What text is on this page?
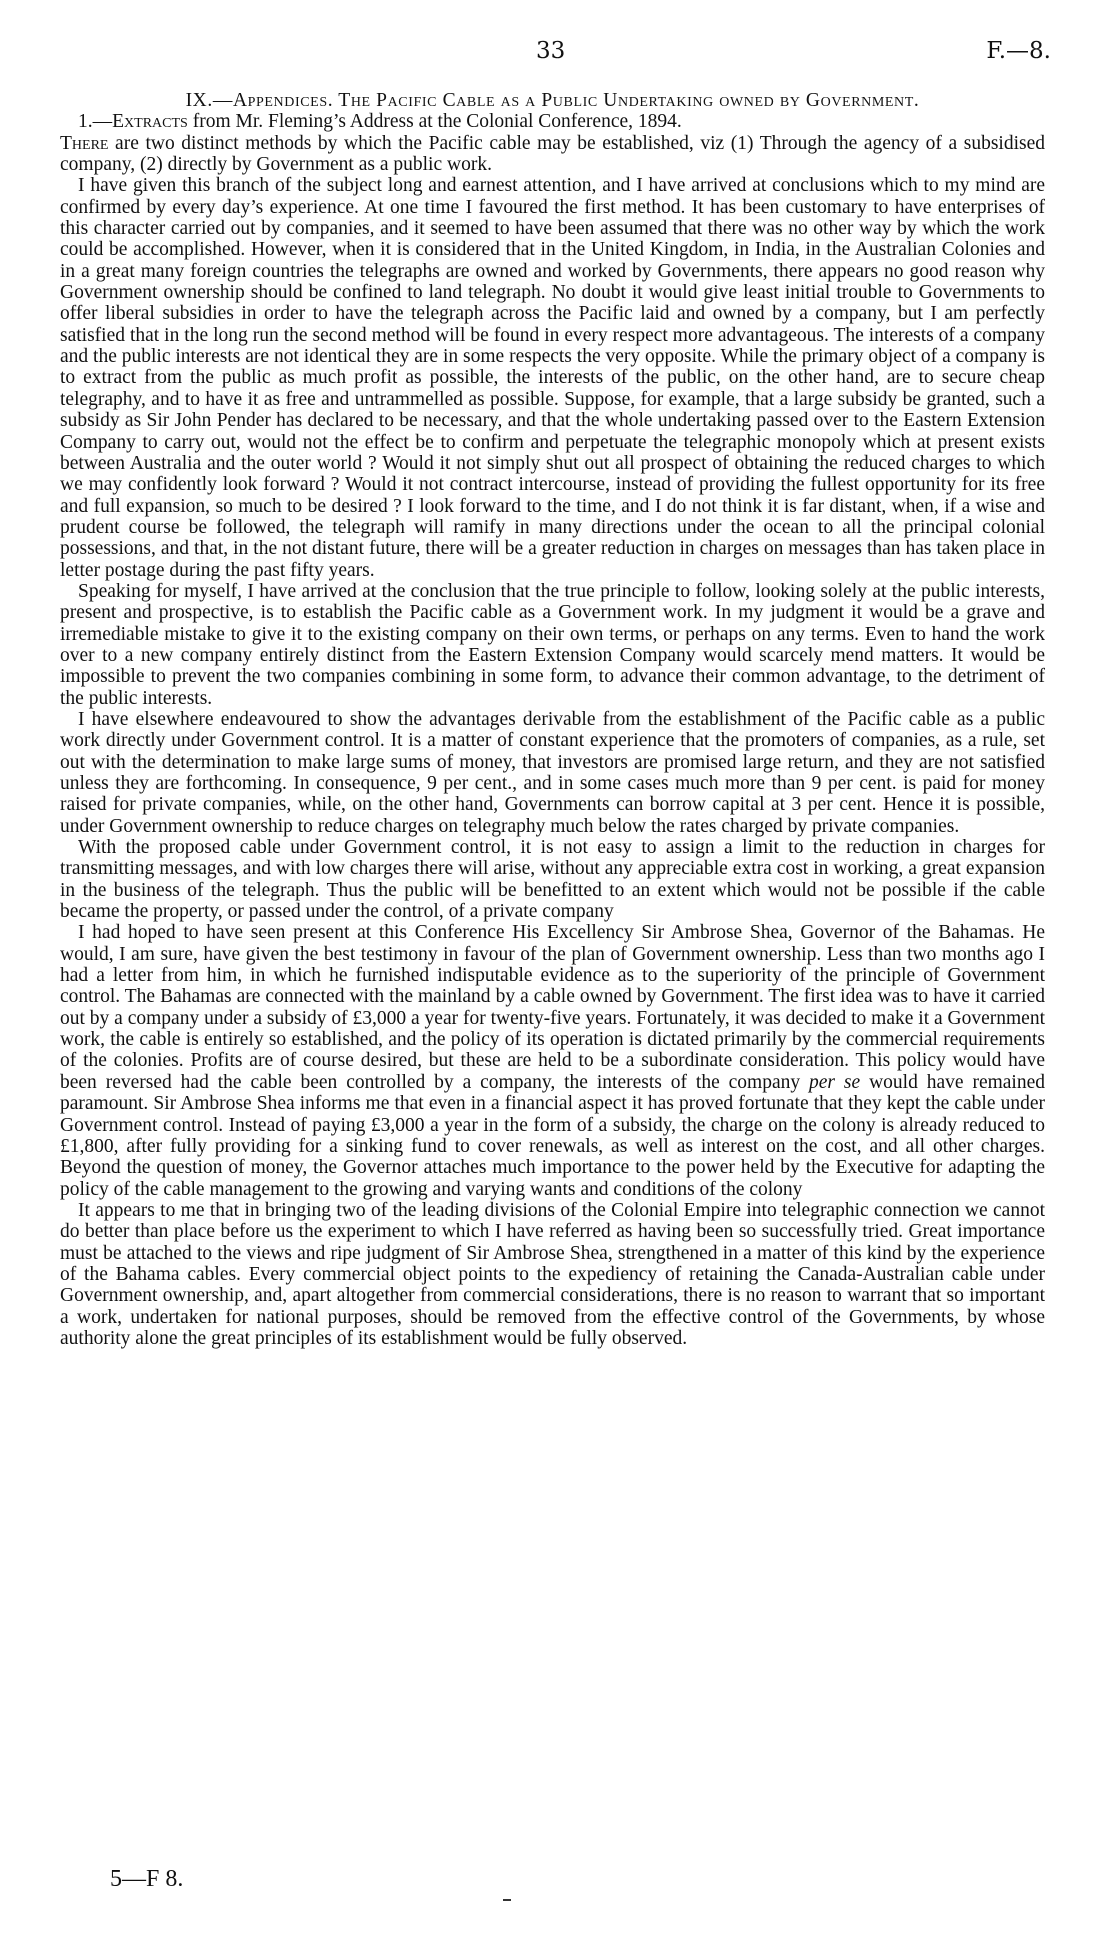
33	F.—8.

IX.—Appendices. The Pacific Cable as a Public Undertaking owned by Government.

1.—Extracts from Mr. Fleming’s Address at the Colonial Conference, 1894.

There are two distinct methods by which the Pacific cable may be established, viz (1) Through the agency of a subsidised company, (2) directly by Government as a public work.

I have given this branch of the subject long and earnest attention, and I have arrived at conclusions which to my mind are confirmed by every day’s experience. At one time I favoured the first method. It has been customary to have enterprises of this character carried out by companies, and it seemed to have been assumed that there was no other way by which the work could be accomplished. However, when it is considered that in the United Kingdom, in India, in the Australian Colonies and in a great many foreign countries the telegraphs are owned and worked by Governments, there appears no good reason why Government ownership should be confined to land telegraph. No doubt it would give least initial trouble to Governments to offer liberal subsidies in order to have the telegraph across the Pacific laid and owned by a company, but I am perfectly satisfied that in the long run the second method will be found in every respect more advantageous. The interests of a company and the public interests are not identical they are in some respects the very opposite. While the primary object of a company is to extract from the public as much profit as possible, the interests of the public, on the other hand, are to secure cheap telegraphy, and to have it as free and untrammelled as possible. Suppose, for example, that a large subsidy be granted, such a subsidy as Sir John Pender has declared to be necessary, and that the whole undertaking passed over to the Eastern Extension Company to carry out, would not the effect be to confirm and perpetuate the telegraphic monopoly which at present exists between Australia and the outer world ? Would it not simply shut out all prospect of obtaining the reduced charges to which we may confidently look forward ? Would it not contract intercourse, instead of providing the fullest opportunity for its free and full expansion, so much to be desired ? I look forward to the time, and I do not think it is far distant, when, if a wise and prudent course be followed, the telegraph will ramify in many directions under the ocean to all the principal colonial possessions, and that, in the not distant future, there will be a greater reduction in charges on messages than has taken place in letter postage during the past fifty years.

Speaking for myself, I have arrived at the conclusion that the true principle to follow, looking solely at the public interests, present and prospective, is to establish the Pacific cable as a Government work. In my judgment it would be a grave and irremediable mistake to give it to the existing company on their own terms, or perhaps on any terms. Even to hand the work over to a new company entirely distinct from the Eastern Extension Company would scarcely mend matters. It would be impossible to prevent the two companies combining in some form, to advance their common advantage, to the detriment of the public interests.

I have elsewhere endeavoured to show the advantages derivable from the establishment of the Pacific cable as a public work directly under Government control. It is a matter of constant experience that the promoters of companies, as a rule, set out with the determination to make large sums of money, that investors are promised large return, and they are not satisfied unless they are forthcoming. In consequence, 9 per cent., and in some cases much more than 9 per cent. is paid for money raised for private companies, while, on the other hand, Governments can borrow capital at 3 per cent. Hence it is possible, under Government ownership to reduce charges on telegraphy much below the rates charged by private companies.

With the proposed cable under Government control, it is not easy to assign a limit to the reduction in charges for transmitting messages, and with low charges there will arise, without any appreciable extra cost in working, a great expansion in the business of the telegraph. Thus the public will be benefitted to an extent which would not be possible if the cable became the property, or passed under the control, of a private company

I had hoped to have seen present at this Conference His Excellency Sir Ambrose Shea, Governor of the Bahamas. He would, I am sure, have given the best testimony in favour of the plan of Government ownership. Less than two months ago I had a letter from him, in which he furnished indisputable evidence as to the superiority of the principle of Government control. The Bahamas are connected with the mainland by a cable owned by Government. The first idea was to have it carried out by a company under a subsidy of £3,000 a year for twenty-five years. Fortunately, it was decided to make it a Government work, the cable is entirely so established, and the policy of its operation is dictated primarily by the commercial requirements of the colonies. Profits are of course desired, but these are held to be a subordinate consideration. This policy would have been reversed had the cable been controlled by a company, the interests of the company per se would have remained paramount. Sir Ambrose Shea informs me that even in a financial aspect it has proved fortunate that they kept the cable under Government control. Instead of paying £3,000 a year in the form of a subsidy, the charge on the colony is already reduced to £1,800, after fully providing for a sinking fund to cover renewals, as well as interest on the cost, and all other charges. Beyond the question of money, the Governor attaches much importance to the power held by the Executive for adapting the policy of the cable management to the growing and varying wants and conditions of the colony

It appears to me that in bringing two of the leading divisions of the Colonial Empire into telegraphic connection we cannot do better than place before us the experiment to which I have referred as having been so successfully tried. Great importance must be attached to the views and ripe judgment of Sir Ambrose Shea, strengthened in a matter of this kind by the experience of the Bahama cables. Every commercial object points to the expediency of retaining the Canada-Australian cable under Government ownership, and, apart altogether from commercial considerations, there is no reason to warrant that so important a work, undertaken for national purposes, should be removed from the effective control of the Governments, by whose authority alone the great principles of its establishment would be fully observed.

5—F 8.
